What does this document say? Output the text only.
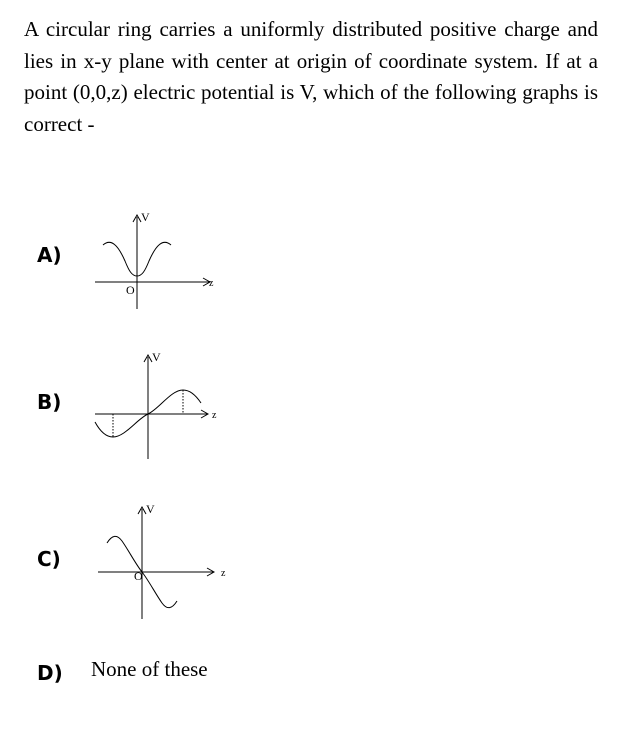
A circular ring carries a uniformly distributed positive charge and lies in x-y plane with center at origin of coordinate system. If at a point (0,0,z) electric potential is V, which of the following graphs is correct -
A)
V
z
O
B)
V
z
C)
V
z
O
D) None of these
